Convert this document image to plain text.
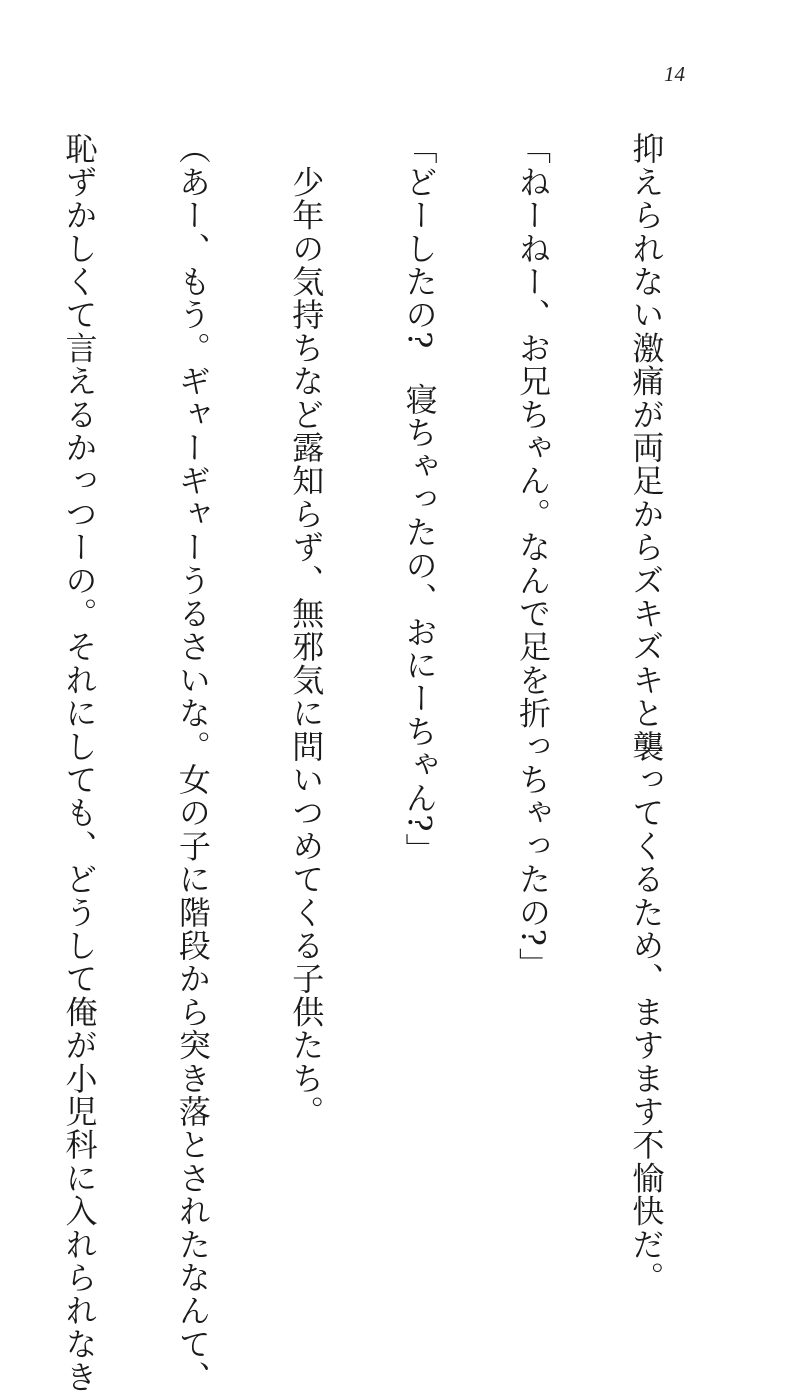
14

抑えられない激痛が両足からズキズキと襲ってくるため、ますます不愉快だ。

「ねーねー、お兄ちゃん。なんで足を折っちゃったの?」

「どーしたの?　寝ちゃったの、おにーちゃん?」

　少年の気持ちなど露知らず、無邪気に問いつめてくる子供たち。

（あー、もう。ギャーギャーうるさいな。女の子に階段から突き落とされたなんて、

恥ずかしくて言えるかっつーの。それにしても、どうして俺が小児科に入れられなき
